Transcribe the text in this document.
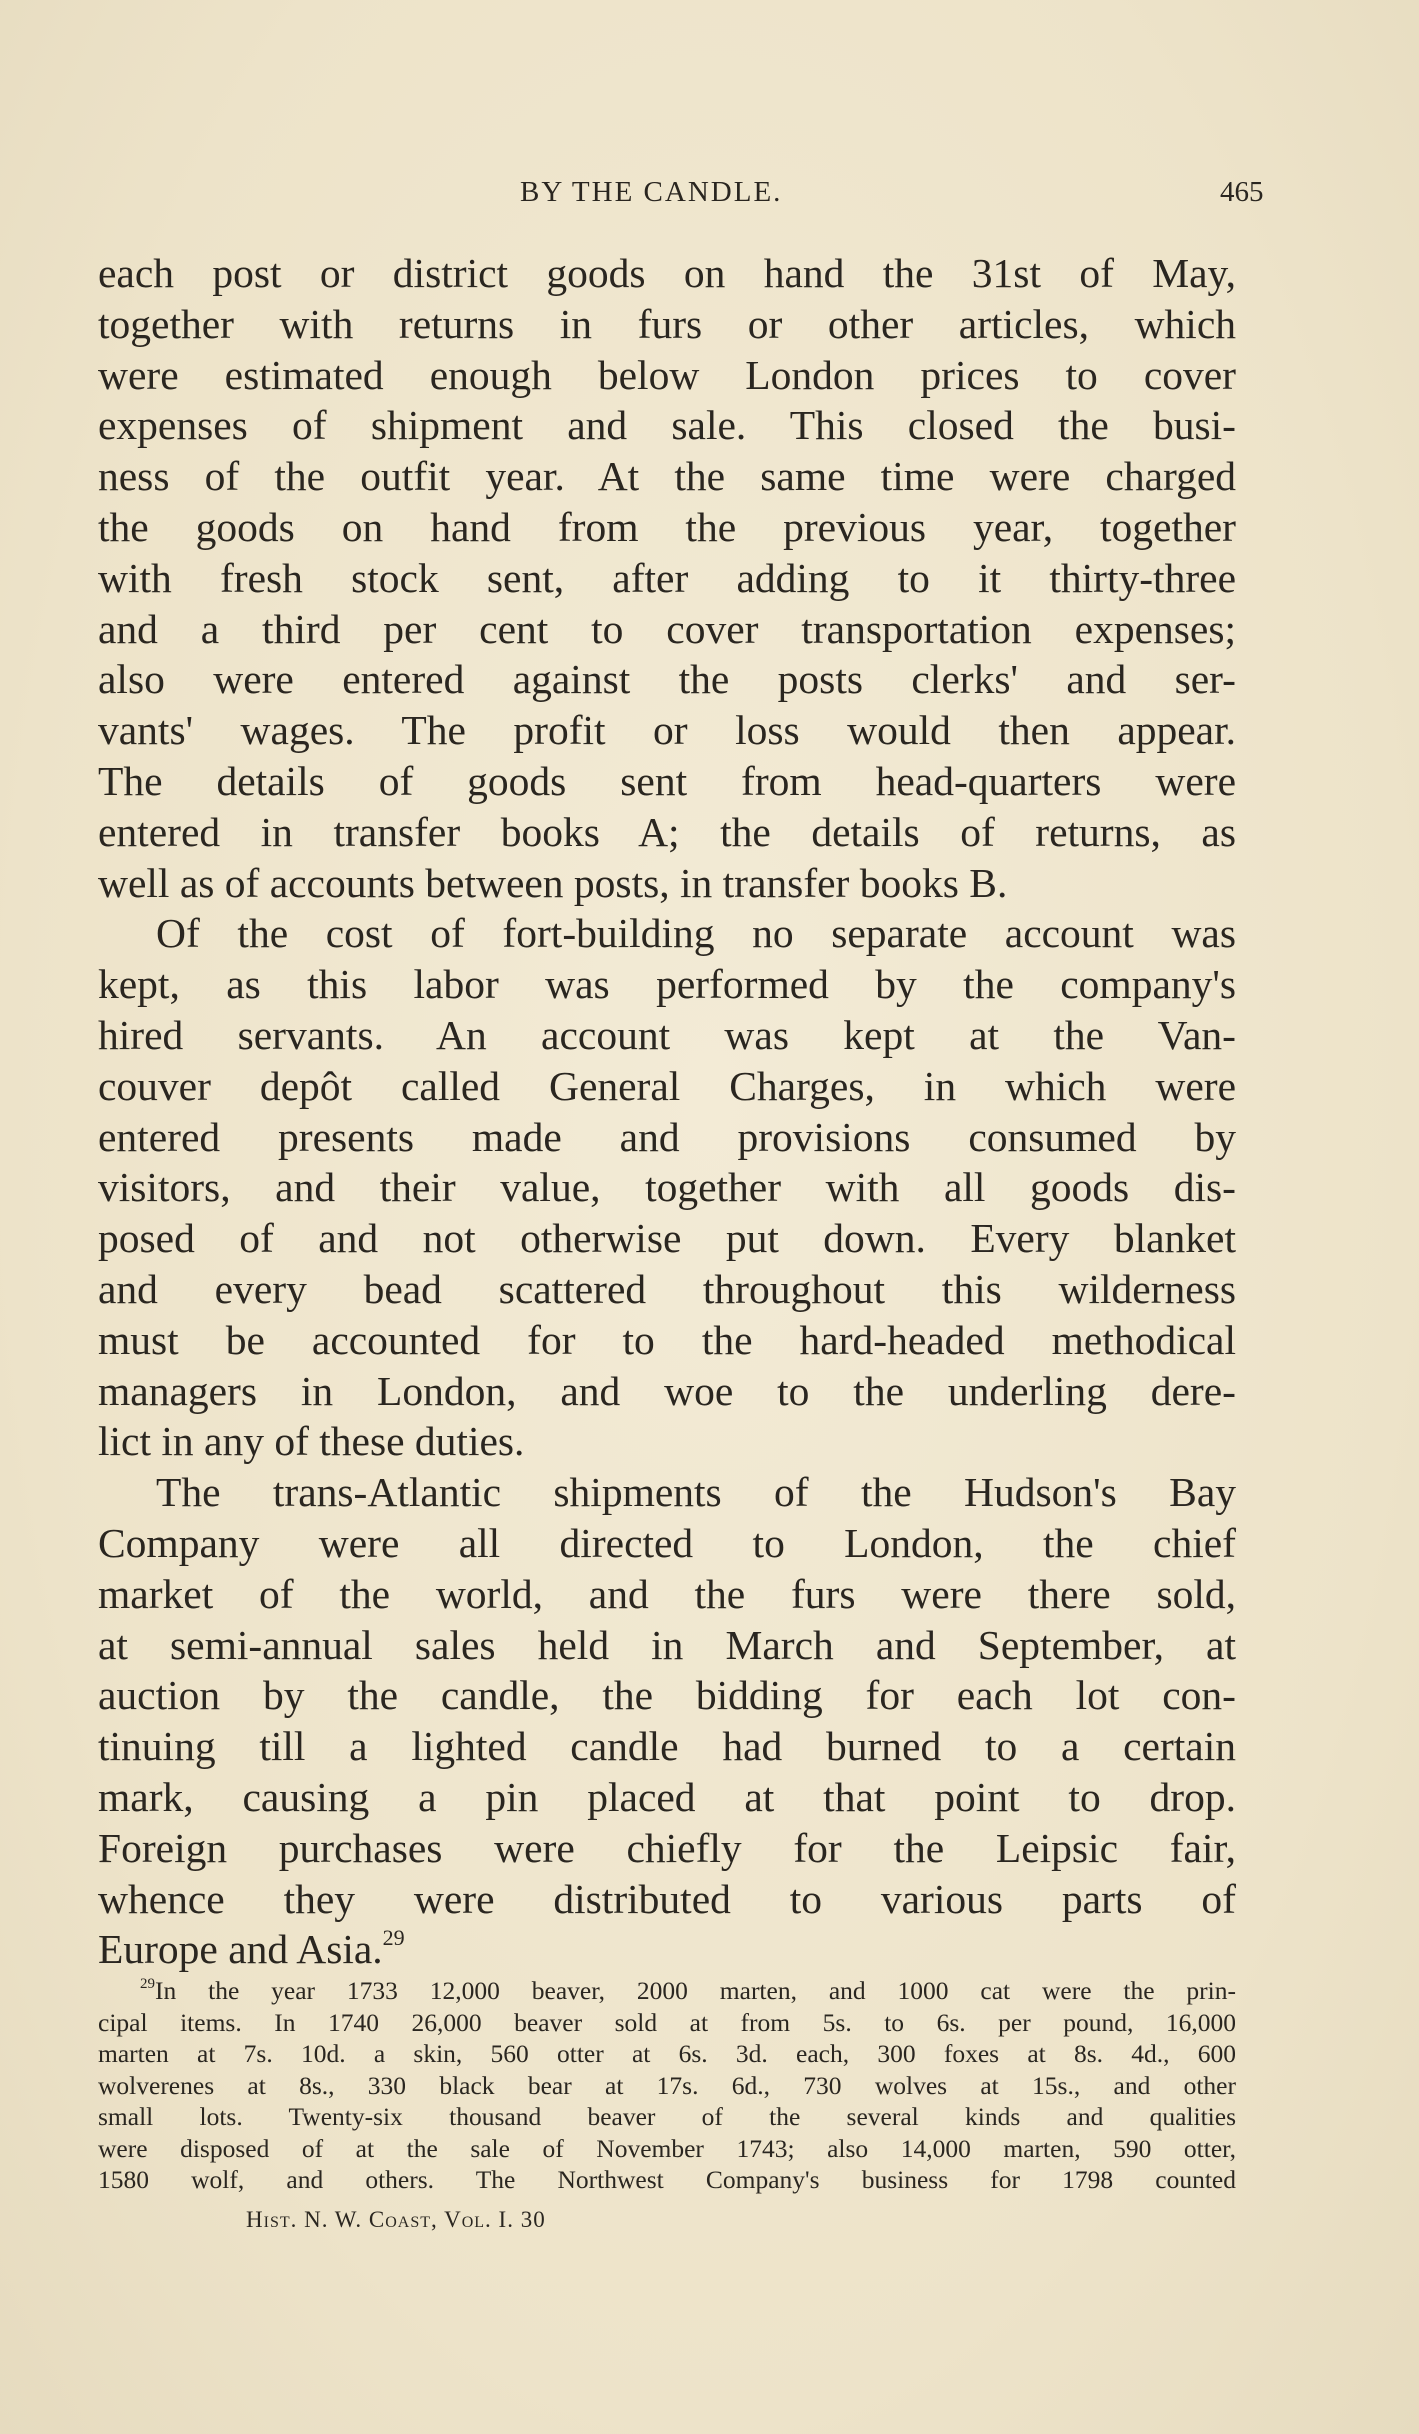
BY THE CANDLE.	465
each post or district goods on hand the 31st of May,
together with returns in furs or other articles, which
were estimated enough below London prices to cover
expenses of shipment and sale. This closed the busi-
ness of the outfit year. At the same time were charged
the goods on hand from the previous year, together
with fresh stock sent, after adding to it thirty-three
and a third per cent to cover transportation expenses;
also were entered against the posts clerks' and ser-
vants' wages. The profit or loss would then appear.
The details of goods sent from head-quarters were
entered in transfer books A; the details of returns, as
well as of accounts between posts, in transfer books B.
Of the cost of fort-building no separate account was
kept, as this labor was performed by the company's
hired servants. An account was kept at the Van-
couver depôt called General Charges, in which were
entered presents made and provisions consumed by
visitors, and their value, together with all goods dis-
posed of and not otherwise put down. Every blanket
and every bead scattered throughout this wilderness
must be accounted for to the hard-headed methodical
managers in London, and woe to the underling dere-
lict in any of these duties.
The trans-Atlantic shipments of the Hudson's Bay
Company were all directed to London, the chief
market of the world, and the furs were there sold,
at semi-annual sales held in March and September, at
auction by the candle, the bidding for each lot con-
tinuing till a lighted candle had burned to a certain
mark, causing a pin placed at that point to drop.
Foreign purchases were chiefly for the Leipsic fair,
whence they were distributed to various parts of
Europe and Asia.$^{29}$
$^{29}$In the year 1733 12,000 beaver, 2000 marten, and 1000 cat were the prin-
cipal items. In 1740 26,000 beaver sold at from 5s. to 6s. per pound, 16,000
marten at 7s. 10d. a skin, 560 otter at 6s. 3d. each, 300 foxes at 8s. 4d., 600
wolverenes at 8s., 330 black bear at 17s. 6d., 730 wolves at 15s., and other
small lots. Twenty-six thousand beaver of the several kinds and qualities
were disposed of at the sale of November 1743; also 14,000 marten, 590 otter,
1580 wolf, and others. The Northwest Company's business for 1798 counted
Hist. N. W. Coast, Vol. I. 30
